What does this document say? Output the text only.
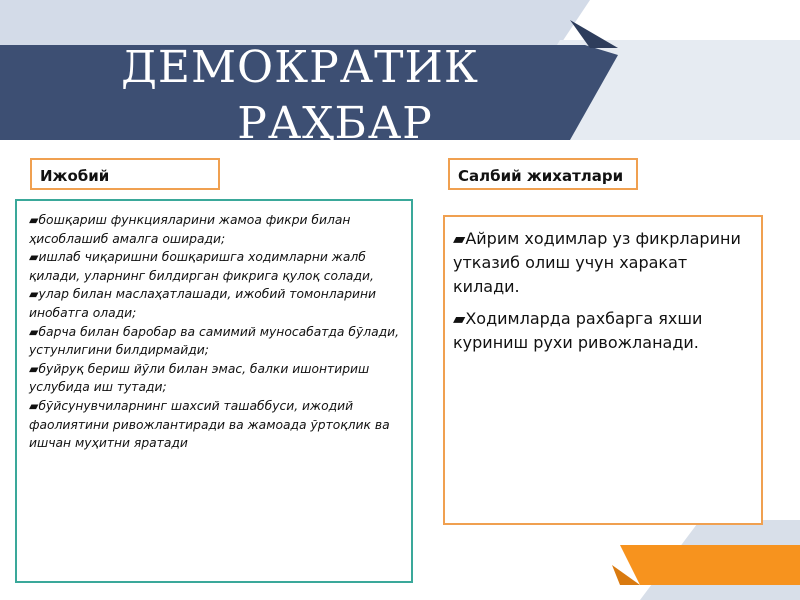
ДЕМОКРАТИК
РАҲБАР
Ижобий	Салбий жихатлари

▰бошқариш функцияларини жамоа фикри билан ҳисоблашиб амалга оширади;

▰ишлаб чиқаришни бошқаришга ходимларни жалб қилади, уларнинг билдирган фикрига қулоқ солади,

▰улар билан маслаҳатлашади, ижобий томонларини инобатга олади;

▰барча билан баробар ва самимий муносабатда бўлади, устунлигини билдирмайди;

▰буйруқ бериш йўли билан эмас, балки ишонтириш услубида иш тутади;

▰бўйсунувчиларнинг шахсий ташаббуси, ижодий фаолиятини ривожлантиради ва жамоада ўртоқлик ва ишчан муҳитни яратади

▰Айрим ходимлар уз фикрларини утказиб олиш учун харакат килади.

▰Ходимларда рахбарга яхши куриниш рухи ривожланади.
